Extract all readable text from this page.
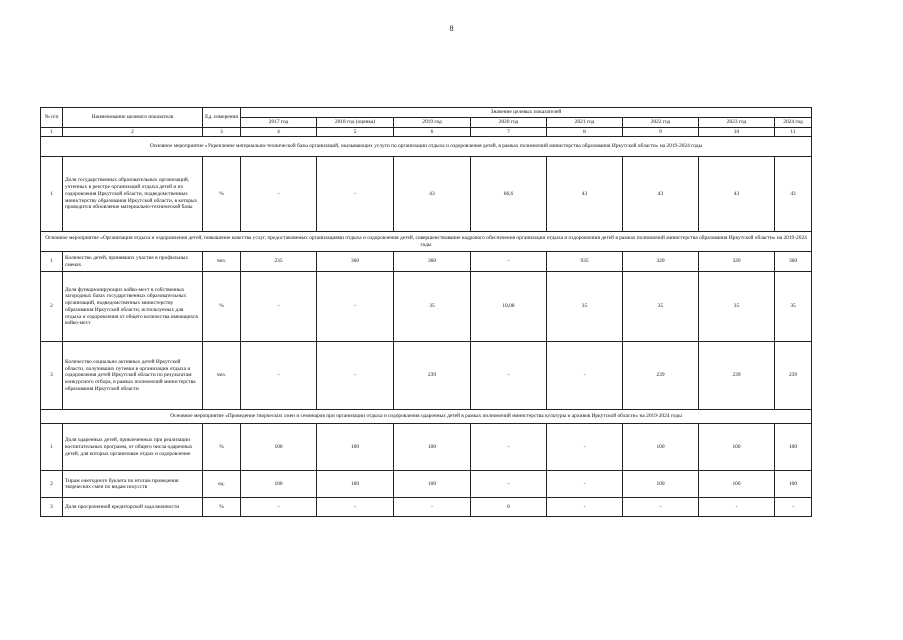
8
№ п/п	Наименование целевого показателя	Ед. измерения	Значение целевых показателей							
			2017 год	2018 год (оценка)	2019 год	2020 год	2021 год	2022 год	2023 год	2024 год
1	2	3	4	5	6	7	8	9	10	11
Основное мероприятие «Укрепление материально-технической базы организаций, оказывающих услуги по организации отдыха и оздоровления детей, в рамках полномочий министерства образования Иркутской области» на 2019-2024 годы										
1	Доля государственных образовательных организаций, учтенных в реестре организаций отдыха детей и их оздоровления Иркутской области, подведомственных министерству образования Иркутской области, в которых проводится обновление материально-технической базы	%	-	-	43	66,6	43	43	43	43
Основное мероприятие «Организация отдыха и оздоровления детей, повышение качества услуг, предоставляемых организациями отдыха и оздоровления детей, совершенствование кадрового обеспечения организации отдыха и оздоровления детей в рамках полномочий министерства образования Иркутской области» на 2019-2024 годы										
1	Количество детей, принявших участие в профильных сменах	чел.	235	360	360	-	935	320	320	360
2	Доля функционирующих койко-мест в собственных загородных базах государственных образовательных организаций, подведомственных министерству образования Иркутской области, используемых для отдыха и оздоровления от общего количества имеющихся койко-мест	%	-	-	35	18,08	35	35	35	35
3	Количество социально активных детей Иркутской области, получивших путевки в организации отдыха и оздоровления детей Иркутской области по результатам конкурсного отбора, в рамках полномочий министерства образования Иркутской области	чел.	-	-	239	-	-	239	239	239
Основное мероприятие «Проведение творческих смен и семинаров при организации отдыха и оздоровления одаренных детей в рамках полномочий министерства культуры и архивов Иркутской области» на 2019-2024 годы										
1	Доля одаренных детей, привлеченных при реализации воспитательных программ, от общего числа одаренных детей, для которых организован отдых и оздоровление	%	100	100	100	-	-	100	100	100
2	Тираж ежегодного буклета по итогам проведения творческих смен по видам искусств	ед.	100	100	100	-	-	100	100	100
3	Доля просроченной кредиторской задолженности	%	-	-	-	0	-	-	-	-
